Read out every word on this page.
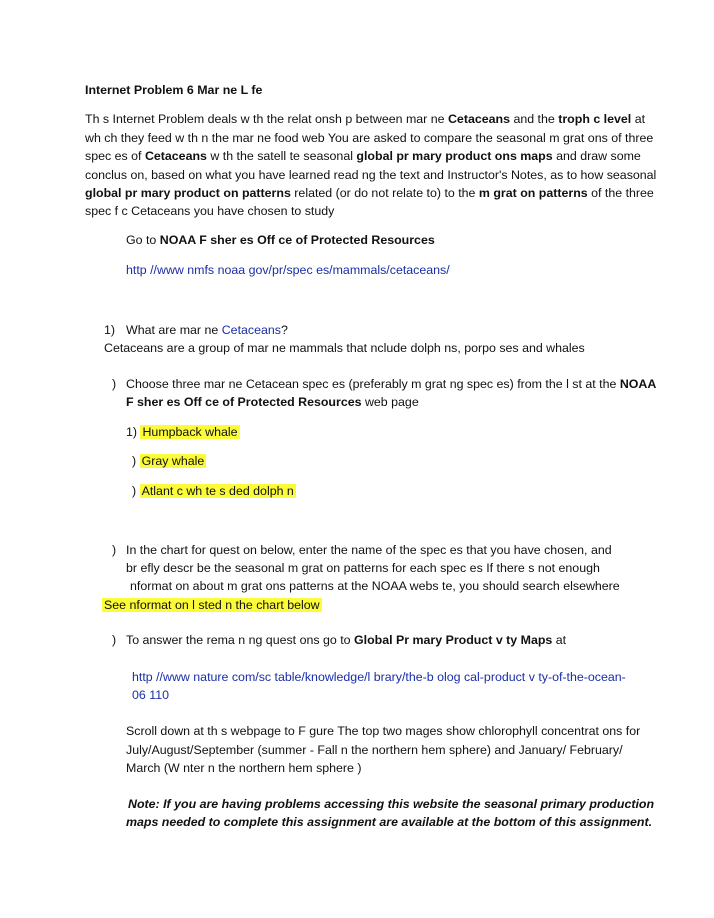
Internet Problem 6 Mar ne L fe
Th s Internet Problem deals w th the relat onsh p between mar ne Cetaceans and the troph c level at
wh ch they feed w th n the mar ne food web You are asked to compare the seasonal m grat ons of three
spec es of Cetaceans w th the satell te seasonal global pr mary product ons maps and draw some
conclus on, based on what you have learned read ng the text and Instructor's Notes, as to how seasonal
global pr mary product on patterns related (or do not relate to) to the m grat on patterns of the three
spec f c Cetaceans you have chosen to study
Go to NOAA F sher es Off ce of Protected Resources
http //www nmfs noaa gov/pr/spec es/mammals/cetaceans/
1) What are mar ne Cetaceans?
Cetaceans are a group of mar ne mammals that nclude dolph ns, porpo ses and whales
) Choose three mar ne Cetacean spec es (preferably m grat ng spec es) from the l st at the NOAA
F sher es Off ce of Protected Resources web page
1) Humpback whale
) Gray whale
) Atlant c wh te s ded dolph n
) In the chart for quest on below, enter the name of the spec es that you have chosen, and
br efly descr be the seasonal m grat on patterns for each spec es If there s not enough
nformat on about m grat ons patterns at the NOAA webs te, you should search elsewhere
See nformat on l sted n the chart below
) To answer the rema n ng quest ons go to Global Pr mary Product v ty Maps at
http //www nature com/sc table/knowledge/l brary/the-b olog cal-product v ty-of-the-ocean-
06 110
Scroll down at th s webpage to F gure The top two mages show chlorophyll concentrat ons for
July/August/September (summer - Fall n the northern hem sphere) and January/ February/
March (W nter n the northern hem sphere )
Note: If you are having problems accessing this website the seasonal primary production
maps needed to complete this assignment are available at the bottom of this assignment.
